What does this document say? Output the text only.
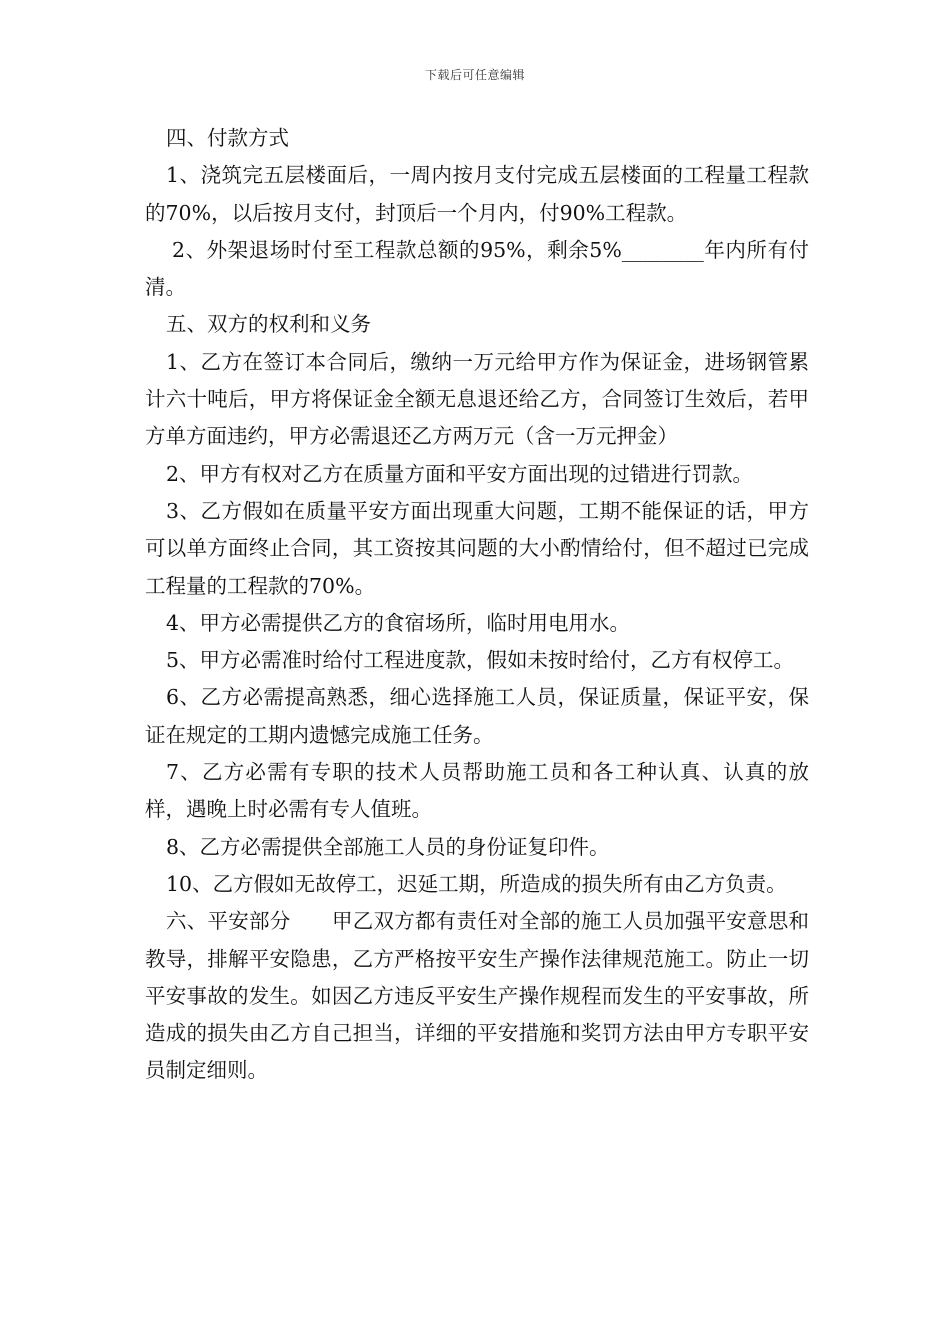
下载后可任意编辑

四、付款方式

1、浇筑完五层楼面后，一周内按月支付完成五层楼面的工程量工程款的70%，以后按月支付，封顶后一个月内，付90%工程款。

2、外架退场时付至工程款总额的95%，剩余5%________年内所有付清。

五、双方的权利和义务

1、乙方在签订本合同后，缴纳一万元给甲方作为保证金，进场钢管累计六十吨后，甲方将保证金全额无息退还给乙方，合同签订生效后，若甲方单方面违约，甲方必需退还乙方两万元（含一万元押金）

2、甲方有权对乙方在质量方面和平安方面出现的过错进行罚款。

3、乙方假如在质量平安方面出现重大问题，工期不能保证的话，甲方可以单方面终止合同，其工资按其问题的大小酌情给付，但不超过已完成工程量的工程款的70%。

4、甲方必需提供乙方的食宿场所，临时用电用水。

5、甲方必需准时给付工程进度款，假如未按时给付，乙方有权停工。

6、乙方必需提高熟悉，细心选择施工人员，保证质量，保证平安，保证在规定的工期内遗憾完成施工任务。

7、乙方必需有专职的技术人员帮助施工员和各工种认真、认真的放样，遇晚上时必需有专人值班。

8、乙方必需提供全部施工人员的身份证复印件。

10、乙方假如无故停工，迟延工期，所造成的损失所有由乙方负责。

六、平安部分　　甲乙双方都有责任对全部的施工人员加强平安意思和教导，排解平安隐患，乙方严格按平安生产操作法律规范施工。防止一切平安事故的发生。如因乙方违反平安生产操作规程而发生的平安事故，所造成的损失由乙方自己担当，详细的平安措施和奖罚方法由甲方专职平安员制定细则。
